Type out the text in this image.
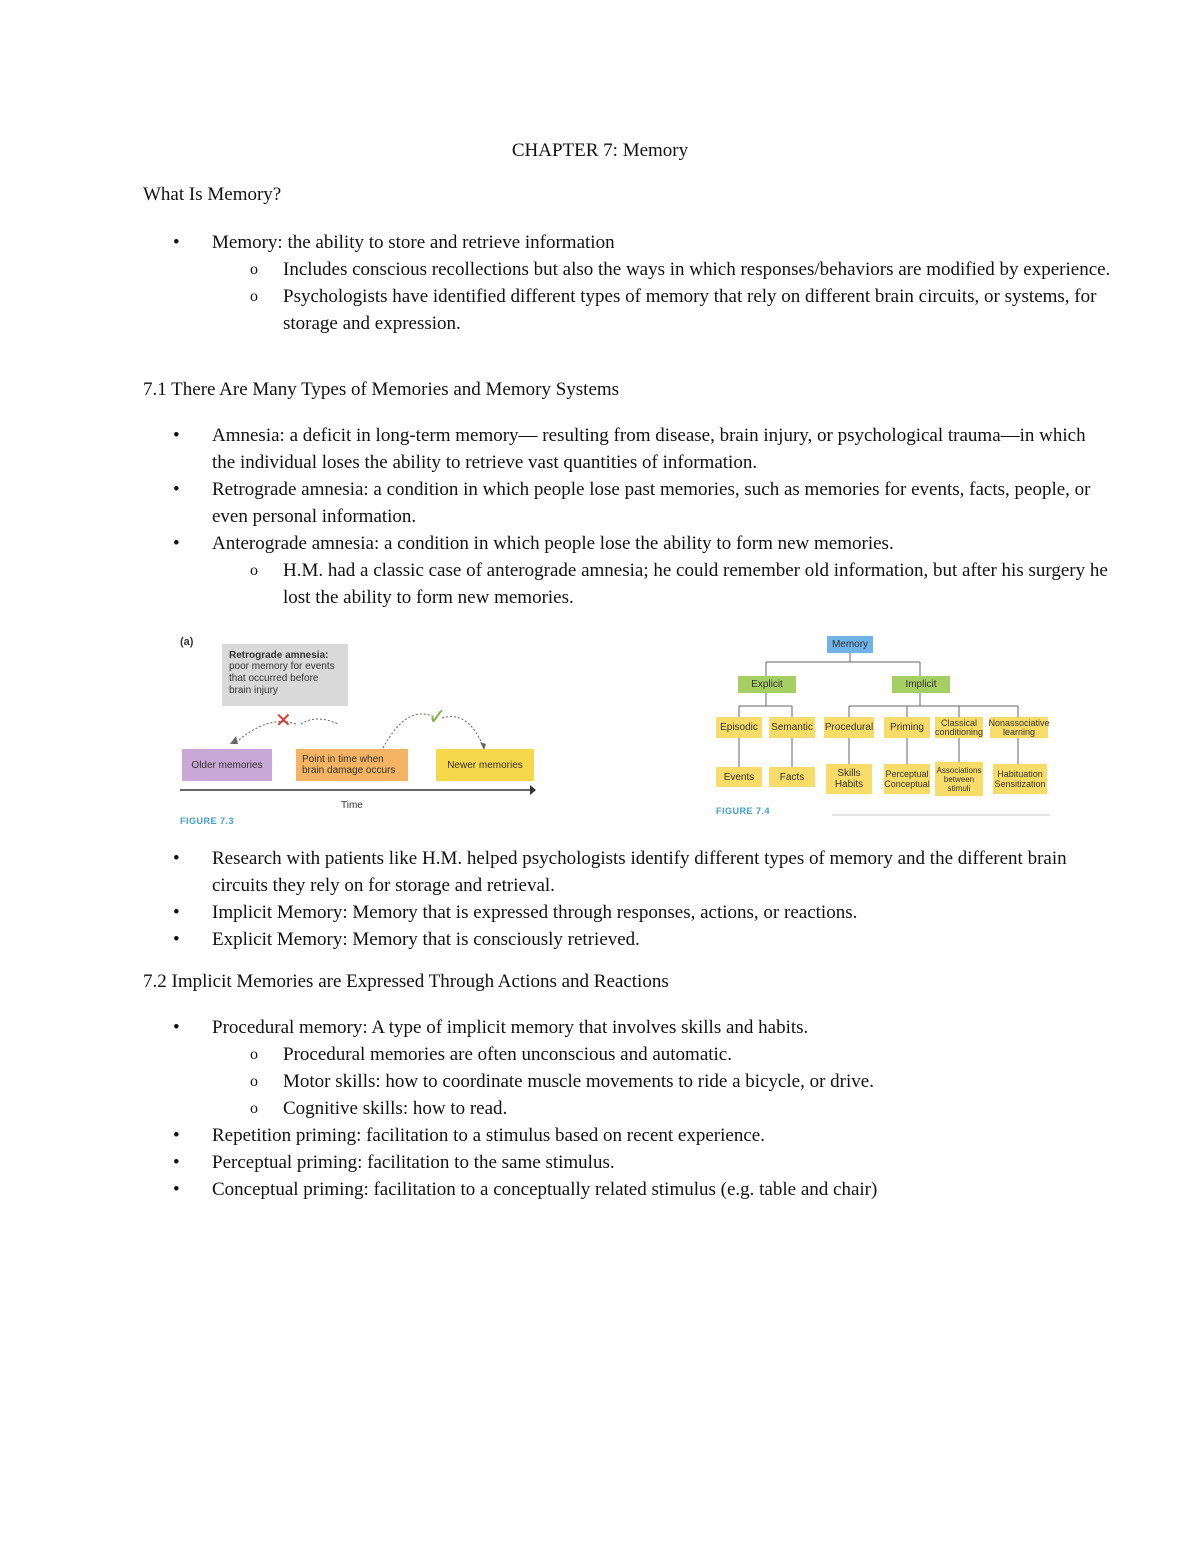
CHAPTER 7: Memory
What Is Memory?
• Memory: the ability to store and retrieve information
o Includes conscious recollections but also the ways in which responses/behaviors are modified by experience.
o Psychologists have identified different types of memory that rely on different brain circuits, or systems, for storage and expression.
7.1 There Are Many Types of Memories and Memory Systems
• Amnesia: a deficit in long-term memory— resulting from disease, brain injury, or psychological trauma—in which the individual loses the ability to retrieve vast quantities of information.
• Retrograde amnesia: a condition in which people lose past memories, such as memories for events, facts, people, or even personal information.
• Anterograde amnesia: a condition in which people lose the ability to form new memories.
o H.M. had a classic case of anterograde amnesia; he could remember old information, but after his surgery he lost the ability to form new memories.
(a)
Retrograde amnesia:
poor memory for events that occurred before brain injury
✕	✓
Older memories	Point in time when brain damage occurs	Newer memories
Time
FIGURE 7.3
Memory
Explicit	Implicit
Episodic	Semantic Procedural	Priming	Classical conditioning
Nonassociative learning
Events	Facts	Skills Habits
Perceptual Conceptual
Associations between stimuli
Habituation Sensitization
FIGURE 7.4
• Research with patients like H.M. helped psychologists identify different types of memory and the different brain circuits they rely on for storage and retrieval.
• Implicit Memory: Memory that is expressed through responses, actions, or reactions.
• Explicit Memory: Memory that is consciously retrieved.
7.2 Implicit Memories are Expressed Through Actions and Reactions
• Procedural memory: A type of implicit memory that involves skills and habits.
o Procedural memories are often unconscious and automatic.
o Motor skills: how to coordinate muscle movements to ride a bicycle, or drive.
o Cognitive skills: how to read.
• Repetition priming: facilitation to a stimulus based on recent experience.
• Perceptual priming: facilitation to the same stimulus.
• Conceptual priming: facilitation to a conceptually related stimulus (e.g. table and chair)
